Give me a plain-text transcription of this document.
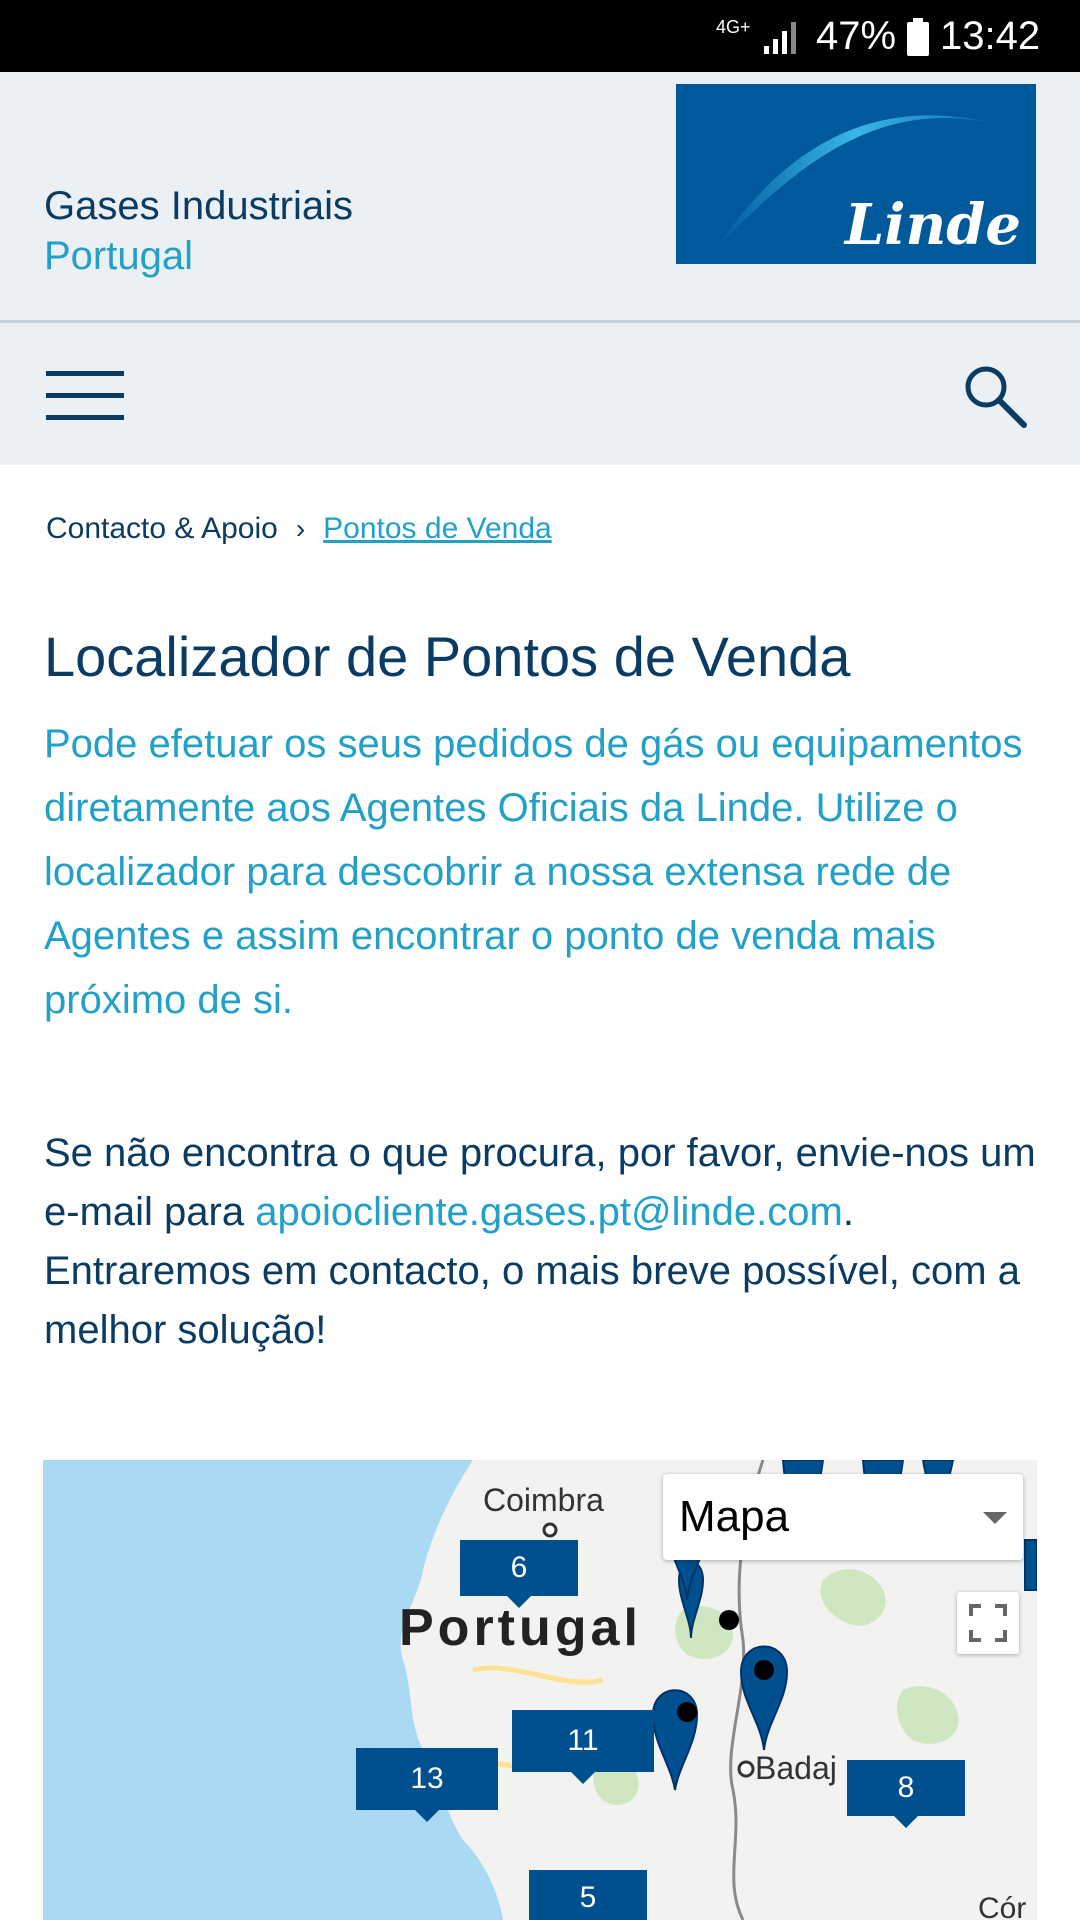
4G+ 47% 13:42
Gases Industriais
Portugal	Linde
Contacto & Apoio › Pontos de Venda
Localizador de Pontos de Venda

Pode efetuar os seus pedidos de gás ou equipamentos diretamente aos Agentes Oficiais da Linde. Utilize o localizador para descobrir a nossa extensa rede de Agentes e assim encontrar o ponto de venda mais próximo de si.

Se não encontra o que procura, por favor, envie-nos um e-mail para apoiocliente.gases.pt@linde.com. Entraremos em contacto, o mais breve possível, com a melhor solução!

Coimbra
Portugal
Badaj
Cór
6
11
13	8
5
Mapa
